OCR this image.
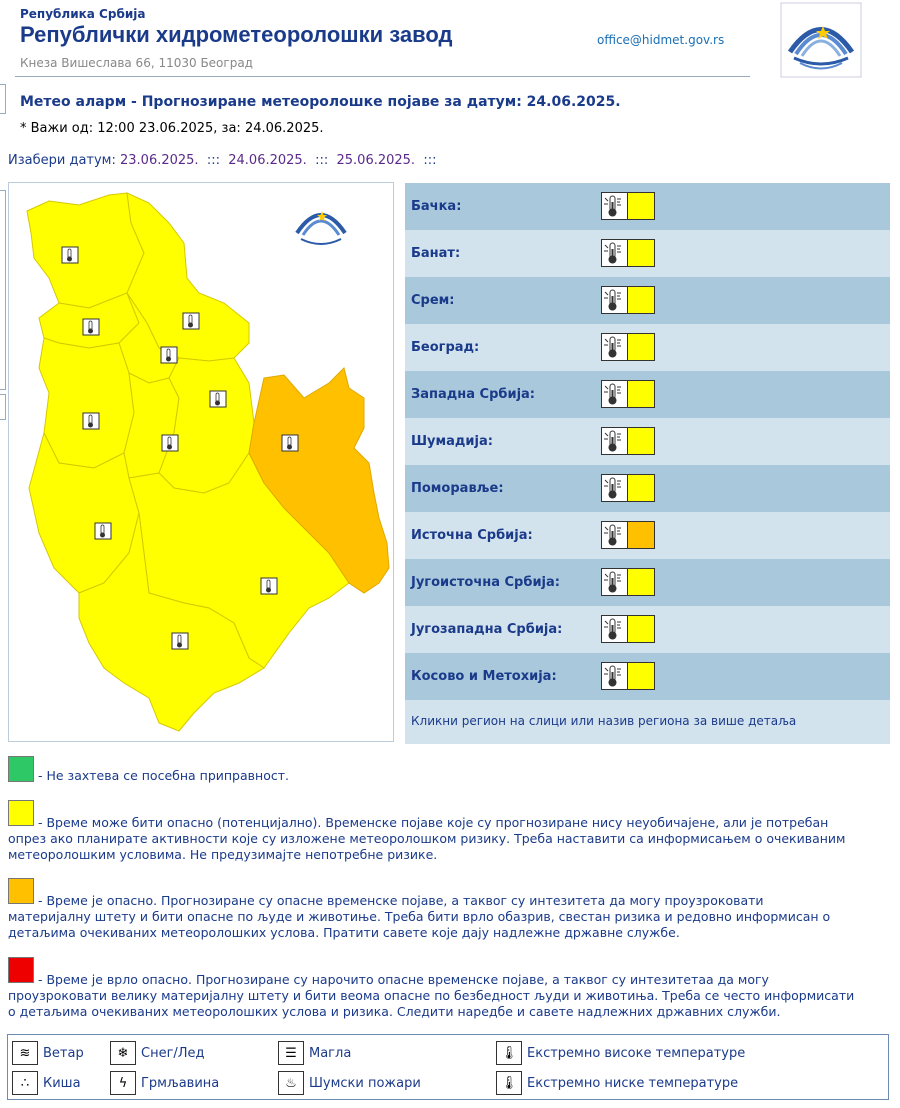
Република Србија
Републички хидрометеоролошки завод
Кнеза Вишеслава 66, 11030 Београд
office@hidmet.gov.rs
Метео аларм - Прогнозиране метеоролошке појаве за датум: 24.06.2025.
* Важи од: 12:00 23.06.2025, за: 24.06.2025.
Изабери датум: 23.06.2025. ::: 24.06.2025. ::: 25.06.2025. :::
Бачка:
Банат:
Срем:
Београд:
Западна Србија:
Шумадија:
Поморавље:
Источна Србија:
Југоисточна Србија:
Југозападна Србија:
Косово и Метохија:
Кликни регион на слици или назив региона за више детаља
- Не захтева се посебна приправност.
- Време може бити опасно (потенцијално). Временске појаве које су прогнозиране нису неуобичајене, али је потребан
опрез ако планирате активности које су изложене метеоролошком ризику. Треба наставити са информисањем о очекиваним
метеоролошким условима. Не предузимајте непотребне ризике.
- Време је опасно. Прогнозиране су опасне временске појаве, а таквог су интезитета да могу проузроковати
материјалну штету и бити опасне по људе и животиње. Треба бити врло обазрив, свестан ризика и редовно информисан о
детаљима очекиваних метеоролошких услова. Пратити савете које дају надлежне државне службе.
- Време је врло опасно. Прогнозиране су нарочито опасне временске појаве, а таквог су интезитетаа да могу
проузроковати велику материјалну штету и бити веома опасне по безбедност људи и животиња. Треба се често информисати
о детаљима очекиваних метеоролошких услова и ризика. Следити наредбе и савете надлежних државних служби.
≋ Ветар	❄ Снег/Лед	☰ Магла	🌡 Екстремно високе температуре
∴	Киша	ϟ	Грмљавина	♨ Шумски пожари	🌡 Екстремно ниске температуре
